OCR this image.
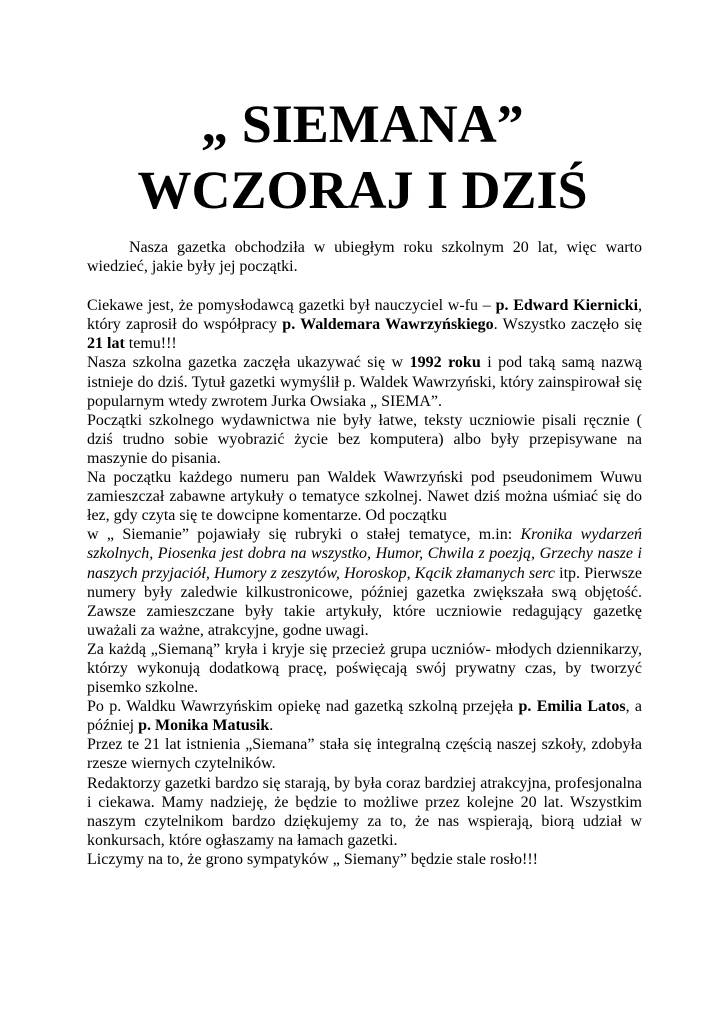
„ SIEMANA”
WCZORAJ I DZIŚ

Nasza gazetka obchodziła w ubiegłym roku szkolnym 20 lat, więc warto wiedzieć, jakie były jej początki.

Ciekawe jest, że pomysłodawcą gazetki był nauczyciel w-fu – p. Edward Kiernicki, który zaprosił do współpracy p. Waldemara Wawrzyńskiego. Wszystko zaczęło się 21 lat temu!!!

Nasza szkolna gazetka zaczęła ukazywać się w 1992 roku i pod taką samą nazwą istnieje do dziś. Tytuł gazetki wymyślił p. Waldek Wawrzyński, który zainspirował się popularnym wtedy zwrotem Jurka Owsiaka „ SIEMA”.

Początki szkolnego wydawnictwa nie były łatwe, teksty uczniowie pisali ręcznie ( dziś trudno sobie wyobrazić życie bez komputera) albo były przepisywane na maszynie do pisania.

Na początku każdego numeru pan Waldek Wawrzyński pod pseudonimem Wuwu zamieszczał zabawne artykuły o tematyce szkolnej. Nawet dziś można uśmiać się do łez, gdy czyta się te dowcipne komentarze. Od początku

w „ Siemanie” pojawiały się rubryki o stałej tematyce, m.in: Kronika wydarzeń szkolnych, Piosenka jest dobra na wszystko, Humor, Chwila z poezją, Grzechy nasze i naszych przyjaciół, Humory z zeszytów, Horoskop, Kącik złamanych serc itp. Pierwsze numery były zaledwie kilkustronicowe, później gazetka zwiększała swą objętość. Zawsze zamieszczane były takie artykuły, które uczniowie redagujący gazetkę uważali za ważne, atrakcyjne, godne uwagi.

Za każdą „Siemaną” kryła i kryje się przecież grupa uczniów- młodych dziennikarzy, którzy wykonują dodatkową pracę, poświęcają swój prywatny czas, by tworzyć pisemko szkolne.

Po p. Waldku Wawrzyńskim opiekę nad gazetką szkolną przejęła p. Emilia Latos, a później p. Monika Matusik.

Przez te 21 lat istnienia „Siemana” stała się integralną częścią naszej szkoły, zdobyła rzesze wiernych czytelników.

Redaktorzy gazetki bardzo się starają, by była coraz bardziej atrakcyjna, profesjonalna i ciekawa. Mamy nadzieję, że będzie to możliwe przez kolejne 20 lat. Wszystkim naszym czytelnikom bardzo dziękujemy za to, że nas wspierają, biorą udział w konkursach, które ogłaszamy na łamach gazetki.

Liczymy na to, że grono sympatyków „ Siemany” będzie stale rosło!!!
